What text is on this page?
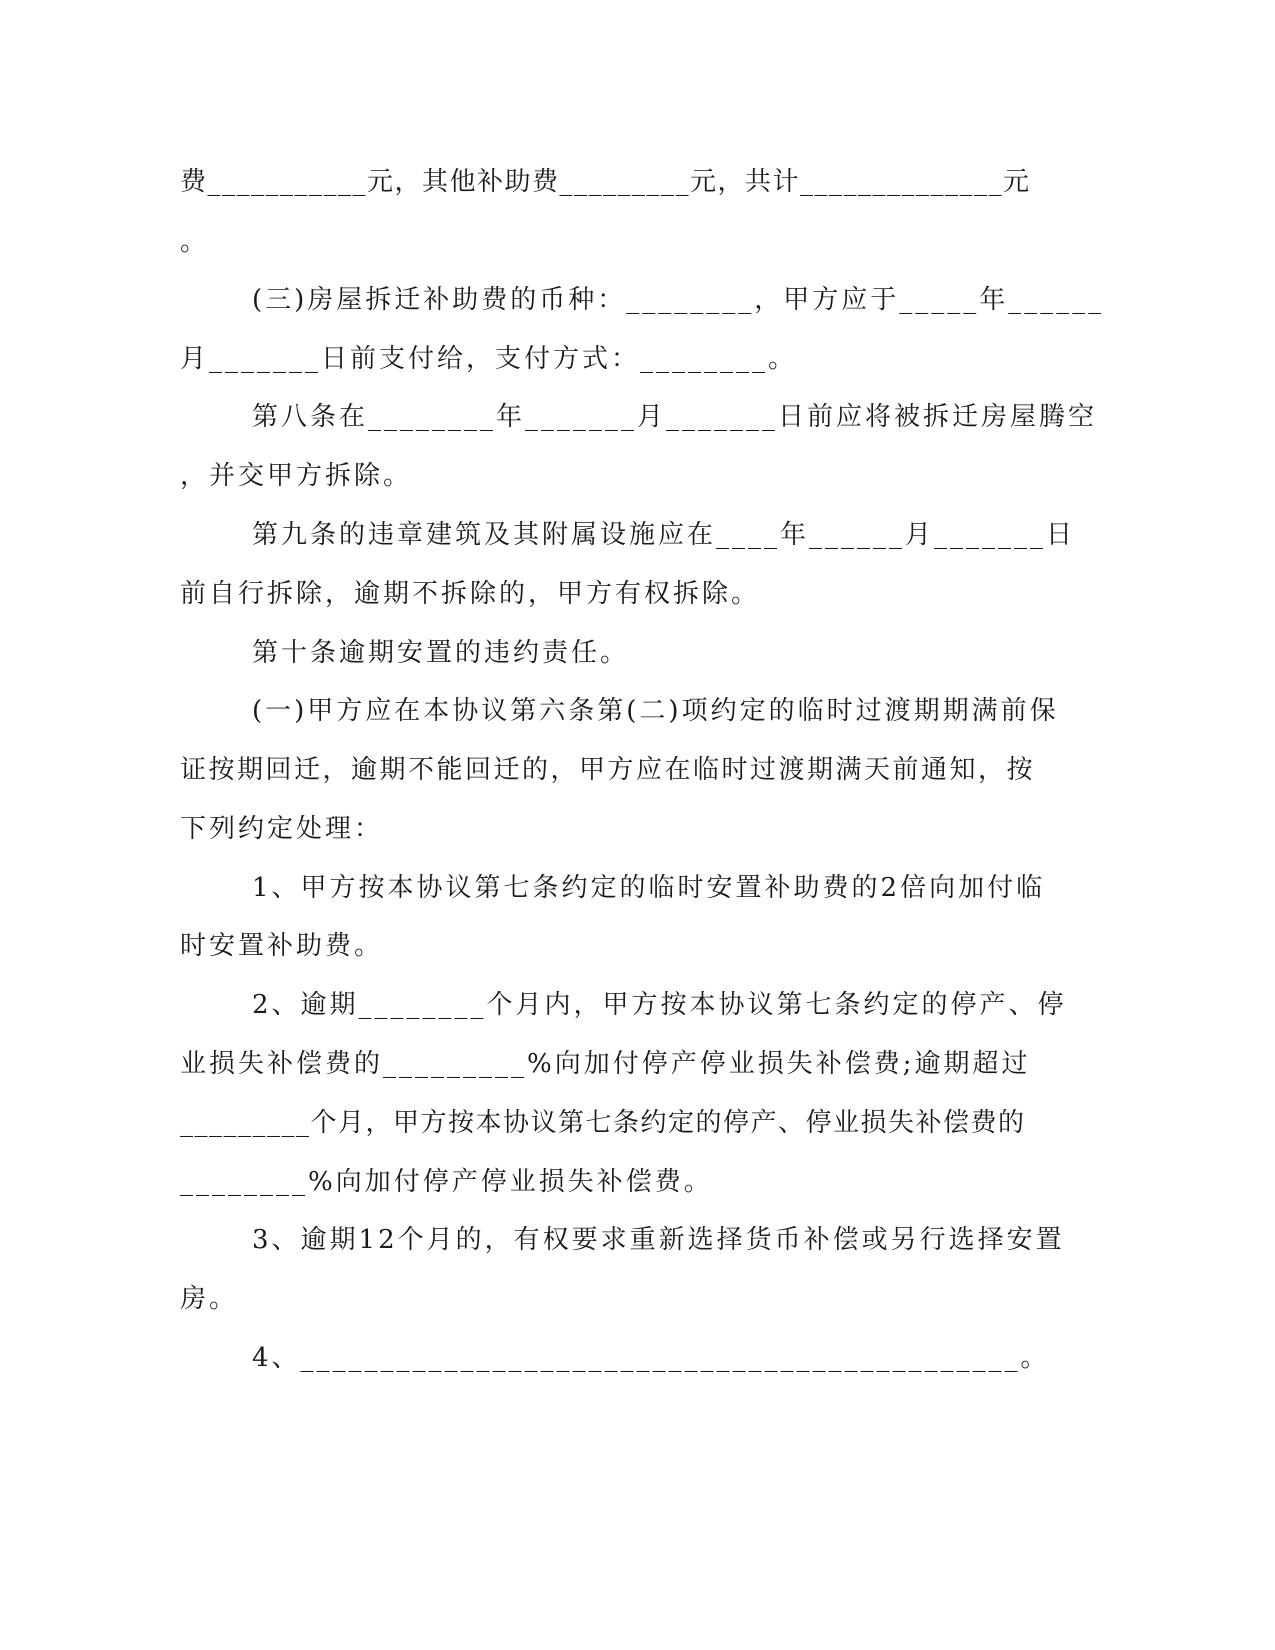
费___________元，其他补助费_________元，共计______________元
。
(三)房屋拆迁补助费的币种：________，甲方应于_____年______
月_______日前支付给，支付方式：________。
第八条在________年_______月_______日前应将被拆迁房屋腾空
，并交甲方拆除。
第九条的违章建筑及其附属设施应在____年______月_______日
前自行拆除，逾期不拆除的，甲方有权拆除。
第十条逾期安置的违约责任。
(一)甲方应在本协议第六条第(二)项约定的临时过渡期期满前保
证按期回迁，逾期不能回迁的，甲方应在临时过渡期满天前通知，按
下列约定处理：
1、甲方按本协议第七条约定的临时安置补助费的2倍向加付临
时安置补助费。
2、逾期________个月内，甲方按本协议第七条约定的停产、停
业损失补偿费的_________%向加付停产停业损失补偿费;逾期超过
_________个月，甲方按本协议第七条约定的停产、停业损失补偿费的
________%向加付停产停业损失补偿费。
3、逾期12个月的，有权要求重新选择货币补偿或另行选择安置
房。
4、_____________________________________________。
